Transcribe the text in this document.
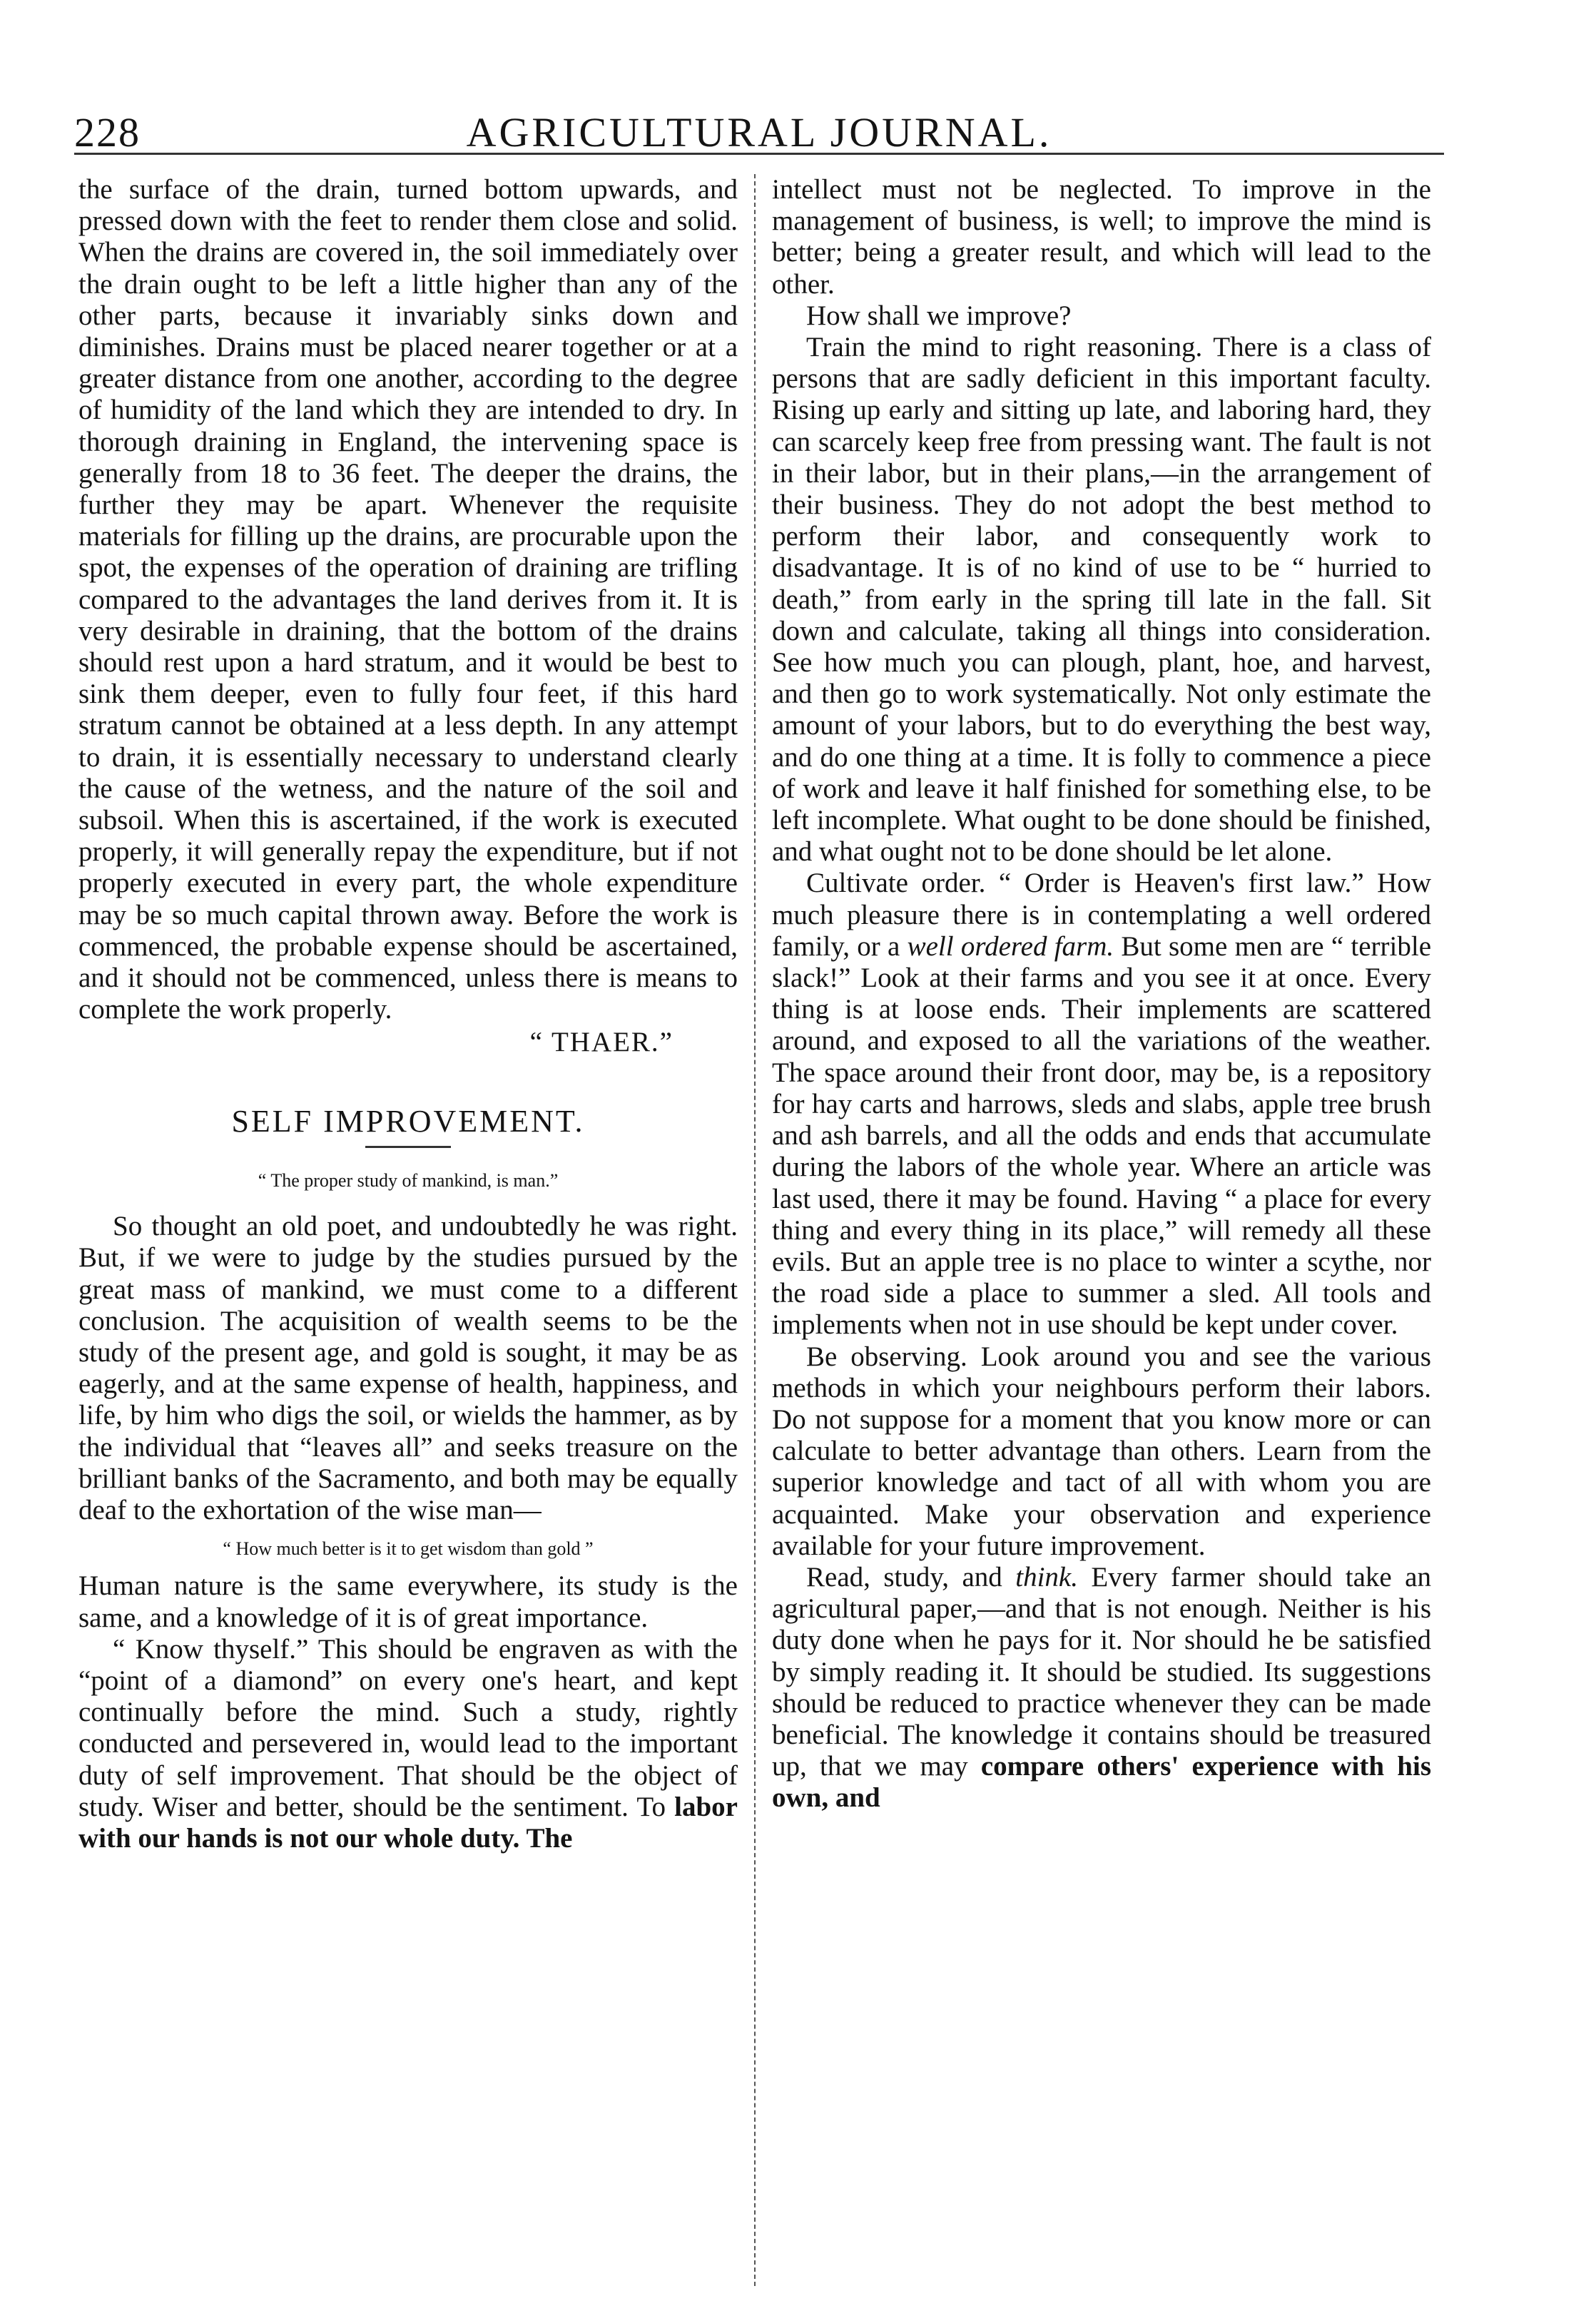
228	AGRICULTURAL JOURNAL.

the surface of the drain, turned bottom upwards, and pressed down with the feet to render them close and solid. When the drains are covered in, the soil immediately over the drain ought to be left a little higher than any of the other parts, because it invariably sinks down and diminishes. Drains must be placed nearer together or at a greater distance from one another, according to the degree of humidity of the land which they are intended to dry. In thorough draining in England, the intervening space is generally from 18 to 36 feet. The deeper the drains, the further they may be apart. Whenever the requisite materials for filling up the drains, are procurable upon the spot, the expenses of the operation of draining are trifling compared to the advantages the land derives from it. It is very desirable in draining, that the bottom of the drains should rest upon a hard stratum, and it would be best to sink them deeper, even to fully four feet, if this hard stratum cannot be obtained at a less depth. In any attempt to drain, it is essentially necessary to understand clearly the cause of the wetness, and the nature of the soil and subsoil. When this is ascertained, if the work is executed properly, it will generally repay the expenditure, but if not properly executed in every part, the whole expenditure may be so much capital thrown away. Before the work is commenced, the probable expense should be ascertained, and it should not be commenced, unless there is means to complete the work properly.

“ THAER.”
SELF IMPROVEMENT.
“ The proper study of mankind, is man.”

So thought an old poet, and undoubtedly he was right. But, if we were to judge by the studies pursued by the great mass of mankind, we must come to a different conclusion. The acquisition of wealth seems to be the study of the present age, and gold is sought, it may be as eagerly, and at the same expense of health, happiness, and life, by him who digs the soil, or wields the hammer, as by the individual that “leaves all” and seeks treasure on the brilliant banks of the Sacramento, and both may be equally deaf to the exhortation of the wise man—

“ How much better is it to get wisdom than gold ”

Human nature is the same everywhere, its study is the same, and a knowledge of it is of great importance.

“ Know thyself.” This should be engraven as with the “point of a diamond” on every one's heart, and kept continually before the mind. Such a study, rightly conducted and persevered in, would lead to the important duty of self improvement. That should be the object of study. Wiser and better, should be the sentiment. To labor with our hands is not our whole duty. The

intellect must not be neglected. To improve in the management of business, is well; to improve the mind is better; being a greater result, and which will lead to the other.

How shall we improve?

Train the mind to right reasoning. There is a class of persons that are sadly deficient in this important faculty. Rising up early and sitting up late, and laboring hard, they can scarcely keep free from pressing want. The fault is not in their labor, but in their plans,—in the arrangement of their business. They do not adopt the best method to perform their labor, and consequently work to disadvantage. It is of no kind of use to be “ hurried to death,” from early in the spring till late in the fall. Sit down and calculate, taking all things into consideration. See how much you can plough, plant, hoe, and harvest, and then go to work systematically. Not only estimate the amount of your labors, but to do everything the best way, and do one thing at a time. It is folly to commence a piece of work and leave it half finished for something else, to be left incomplete. What ought to be done should be finished, and what ought not to be done should be let alone.

Cultivate order. “ Order is Heaven's first law.” How much pleasure there is in contemplating a well ordered family, or a well ordered farm. But some men are “ terrible slack!” Look at their farms and you see it at once. Every thing is at loose ends. Their implements are scattered around, and exposed to all the variations of the weather. The space around their front door, may be, is a repository for hay carts and harrows, sleds and slabs, apple tree brush and ash barrels, and all the odds and ends that accumulate during the labors of the whole year. Where an article was last used, there it may be found. Having “ a place for every thing and every thing in its place,” will remedy all these evils. But an apple tree is no place to winter a scythe, nor the road side a place to summer a sled. All tools and implements when not in use should be kept under cover.

Be observing. Look around you and see the various methods in which your neighbours perform their labors. Do not suppose for a moment that you know more or can calculate to better advantage than others. Learn from the superior knowledge and tact of all with whom you are acquainted. Make your observation and experience available for your future improvement.

Read, study, and think. Every farmer should take an agricultural paper,—and that is not enough. Neither is his duty done when he pays for it. Nor should he be satisfied by simply reading it. It should be studied. Its suggestions should be reduced to practice whenever they can be made beneficial. The knowledge it contains should be treasured up, that we may compare others' experience with his own, and
